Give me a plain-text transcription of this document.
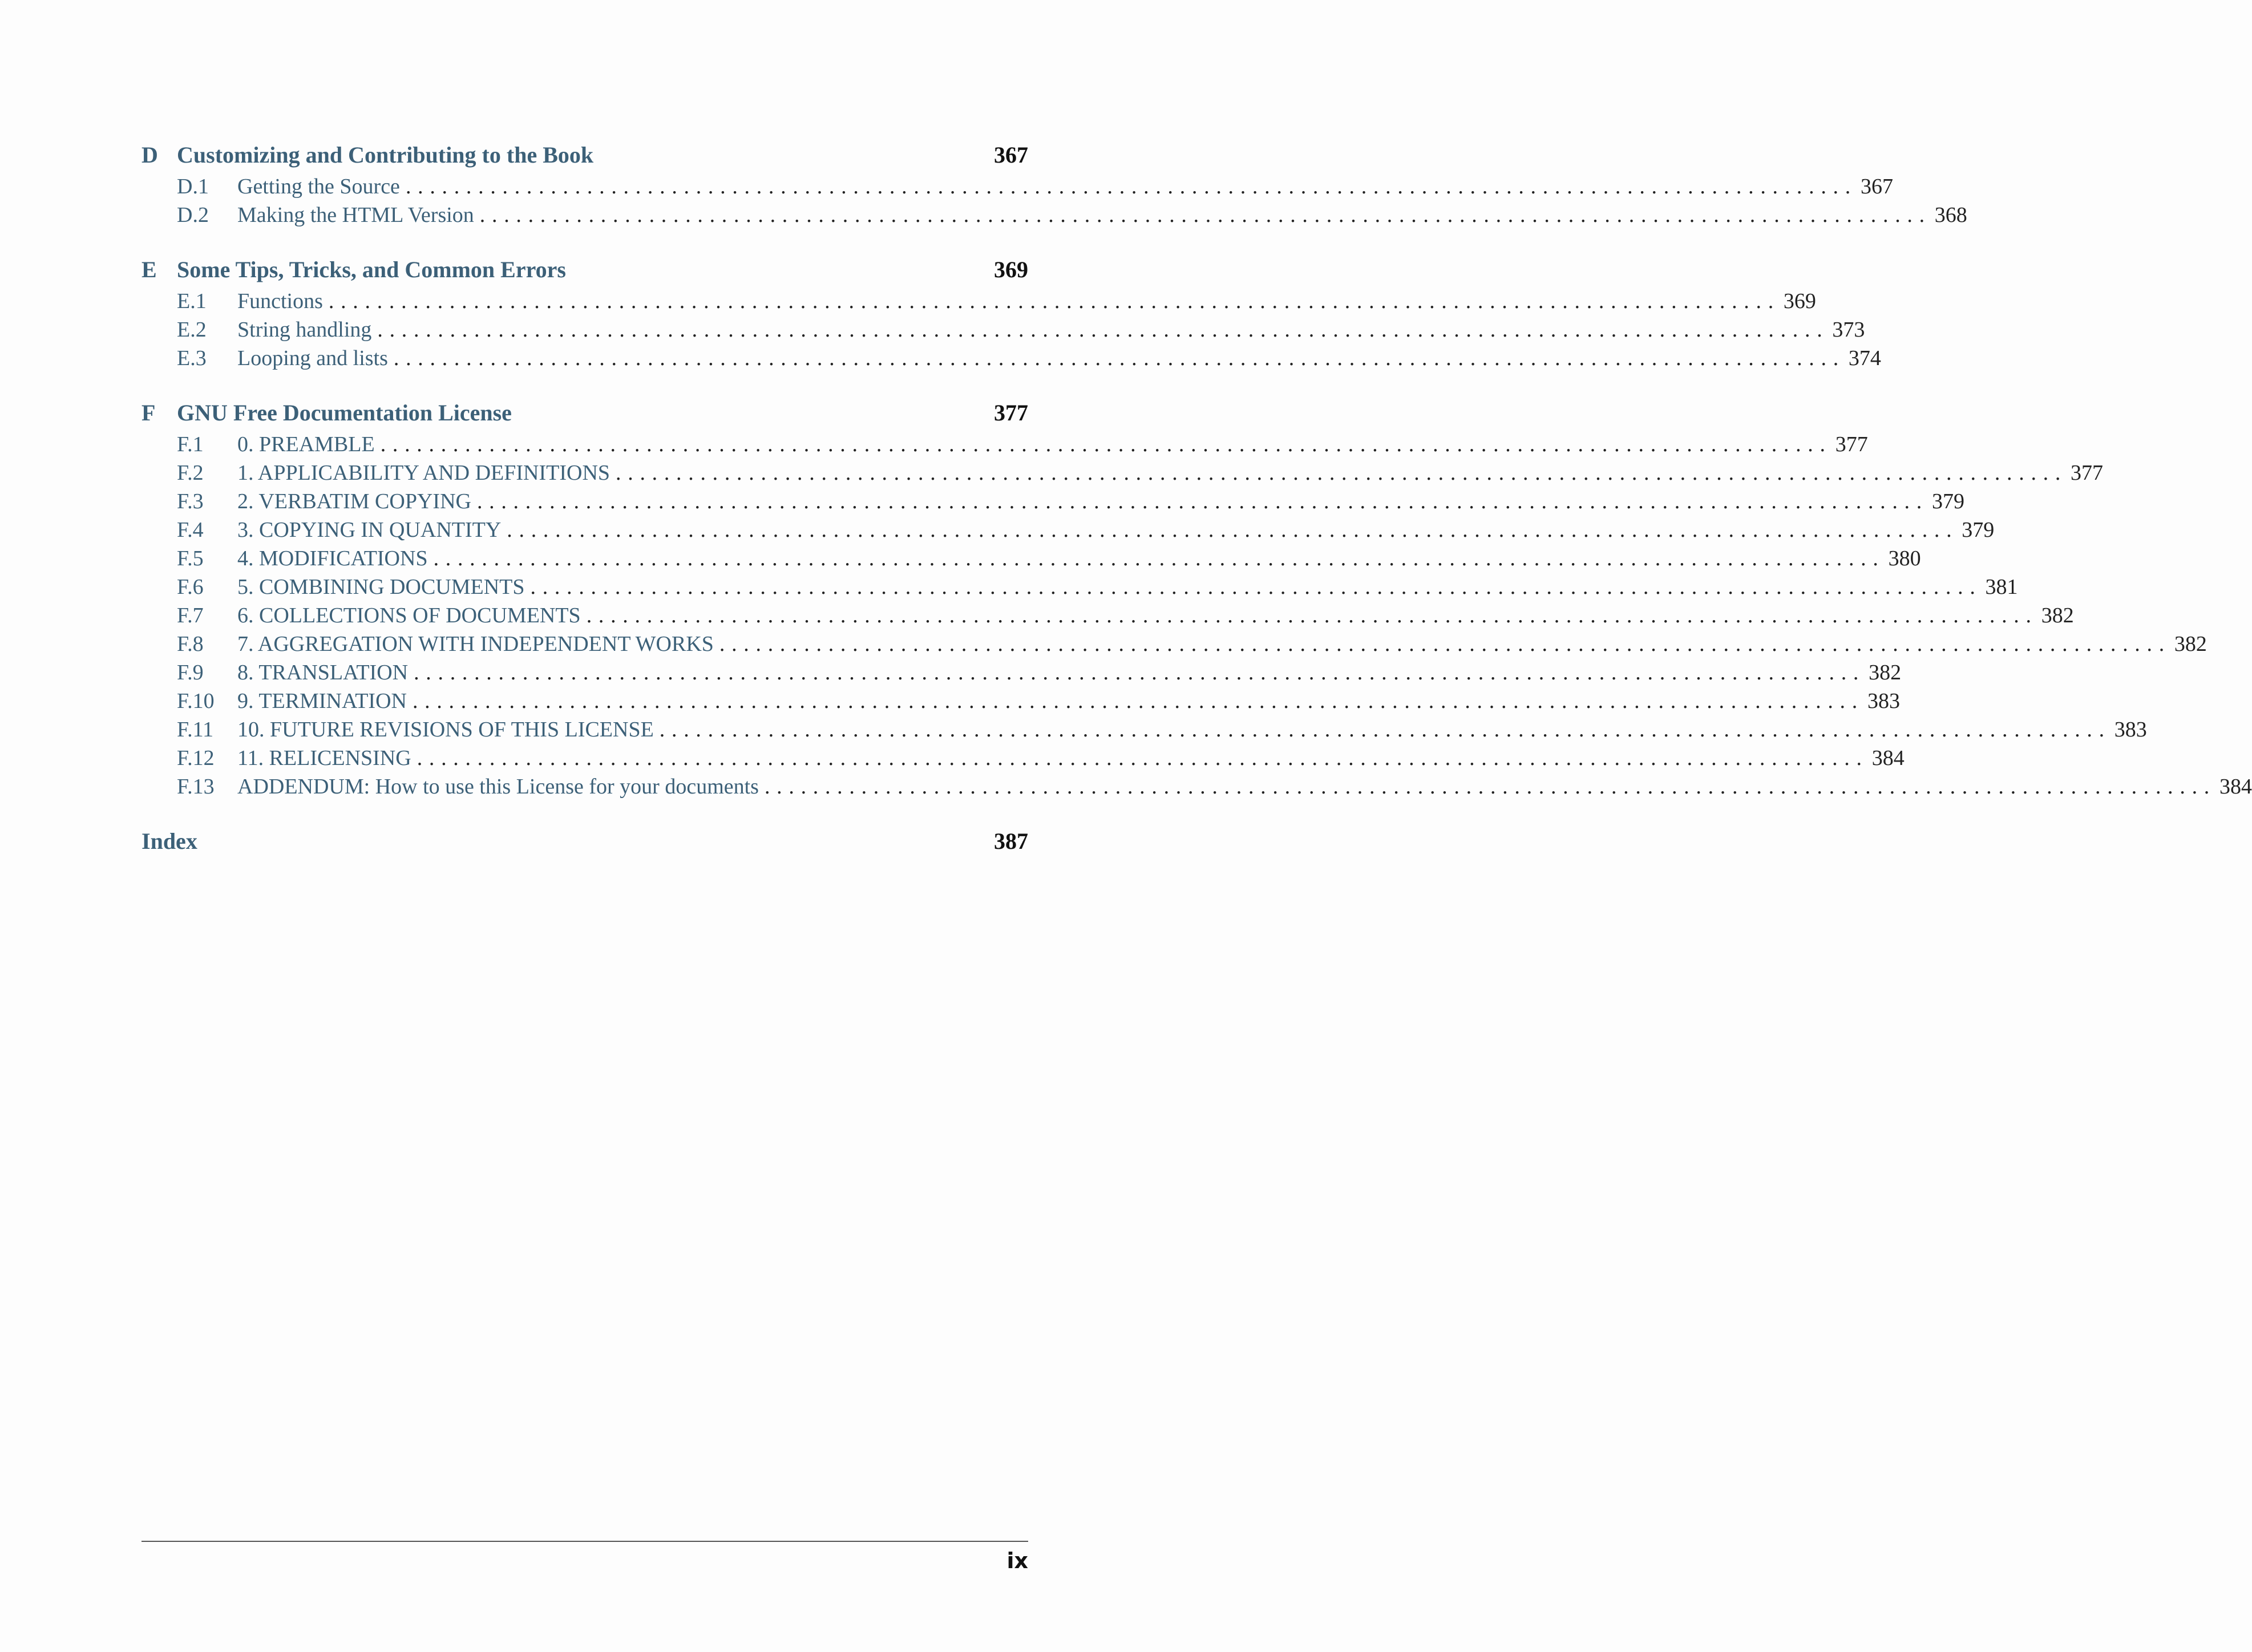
D Customizing and Contributing to the Book	367
D.1	Getting the Source ........................................................................................................................ 367
D.2	Making the HTML Version ........................................................................................................................ 368
E Some Tips, Tricks, and Common Errors	369
E.1	Functions ........................................................................................................................ 369
E.2	String handling ........................................................................................................................ 373
E.3	Looping and lists ........................................................................................................................ 374
F GNU Free Documentation License	377
F.1	0. PREAMBLE ........................................................................................................................ 377
F.2	1. APPLICABILITY AND DEFINITIONS ........................................................................................................................ 377
F.3	2. VERBATIM COPYING ........................................................................................................................ 379
F.4	3. COPYING IN QUANTITY ........................................................................................................................ 379
F.5	4. MODIFICATIONS ........................................................................................................................ 380
F.6	5. COMBINING DOCUMENTS ........................................................................................................................ 381
F.7	6. COLLECTIONS OF DOCUMENTS ........................................................................................................................ 382
F.8	7. AGGREGATION WITH INDEPENDENT WORKS ........................................................................................................................ 382
F.9	8. TRANSLATION ........................................................................................................................ 382
F.10	9. TERMINATION ........................................................................................................................ 383
F.11	10. FUTURE REVISIONS OF THIS LICENSE ........................................................................................................................ 383
F.12	11. RELICENSING ........................................................................................................................ 384
F.13	ADDENDUM: How to use this License for your documents ........................................................................................................................ 384
Index	387
ix
